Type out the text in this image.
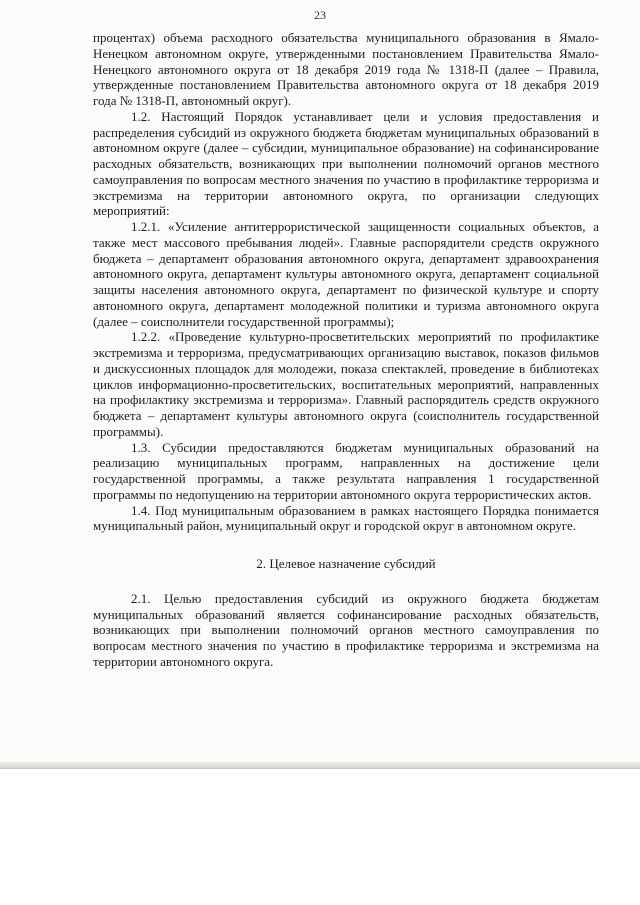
23

процентах) объема расходного обязательства муниципального образования в Ямало-Ненецком автономном округе, утвержденными постановлением Правительства Ямало-Ненецкого автономного округа от 18 декабря 2019 года № 1318-П (далее – Правила, утвержденные постановлением Правительства автономного округа от 18 декабря 2019 года № 1318-П, автономный округ).

1.2. Настоящий Порядок устанавливает цели и условия предоставления и распределения субсидий из окружного бюджета бюджетам муниципальных образований в автономном округе (далее – субсидии, муниципальное образование) на софинансирование расходных обязательств, возникающих при выполнении полномочий органов местного самоуправления по вопросам местного значения по участию в профилактике терроризма и экстремизма на территории автономного округа, по организации следующих мероприятий:

1.2.1. «Усиление антитеррористической защищенности социальных объектов, а также мест массового пребывания людей». Главные распорядители средств окружного бюджета – департамент образования автономного округа, департамент здравоохранения автономного округа, департамент культуры автономного округа, департамент социальной защиты населения автономного округа, департамент по физической культуре и спорту автономного округа, департамент молодежной политики и туризма автономного округа (далее – соисполнители государственной программы);

1.2.2. «Проведение культурно-просветительских мероприятий по профилактике экстремизма и терроризма, предусматривающих организацию выставок, показов фильмов и дискуссионных площадок для молодежи, показа спектаклей, проведение в библиотеках циклов информационно-просветительских, воспитательных мероприятий, направленных на профилактику экстремизма и терроризма». Главный распорядитель средств окружного бюджета – департамент культуры автономного округа (соисполнитель государственной программы).

1.3. Субсидии предоставляются бюджетам муниципальных образований на реализацию муниципальных программ, направленных на достижение цели государственной программы, а также результата направления 1 государственной программы по недопущению на территории автономного округа террористических актов.

1.4. Под муниципальным образованием в рамках настоящего Порядка понимается муниципальный район, муниципальный округ и городской округ в автономном округе.

2. Целевое назначение субсидий

2.1. Целью предоставления субсидий из окружного бюджета бюджетам муниципальных образований является софинансирование расходных обязательств, возникающих при выполнении полномочий органов местного самоуправления по вопросам местного значения по участию в профилактике терроризма и экстремизма на территории автономного округа.
